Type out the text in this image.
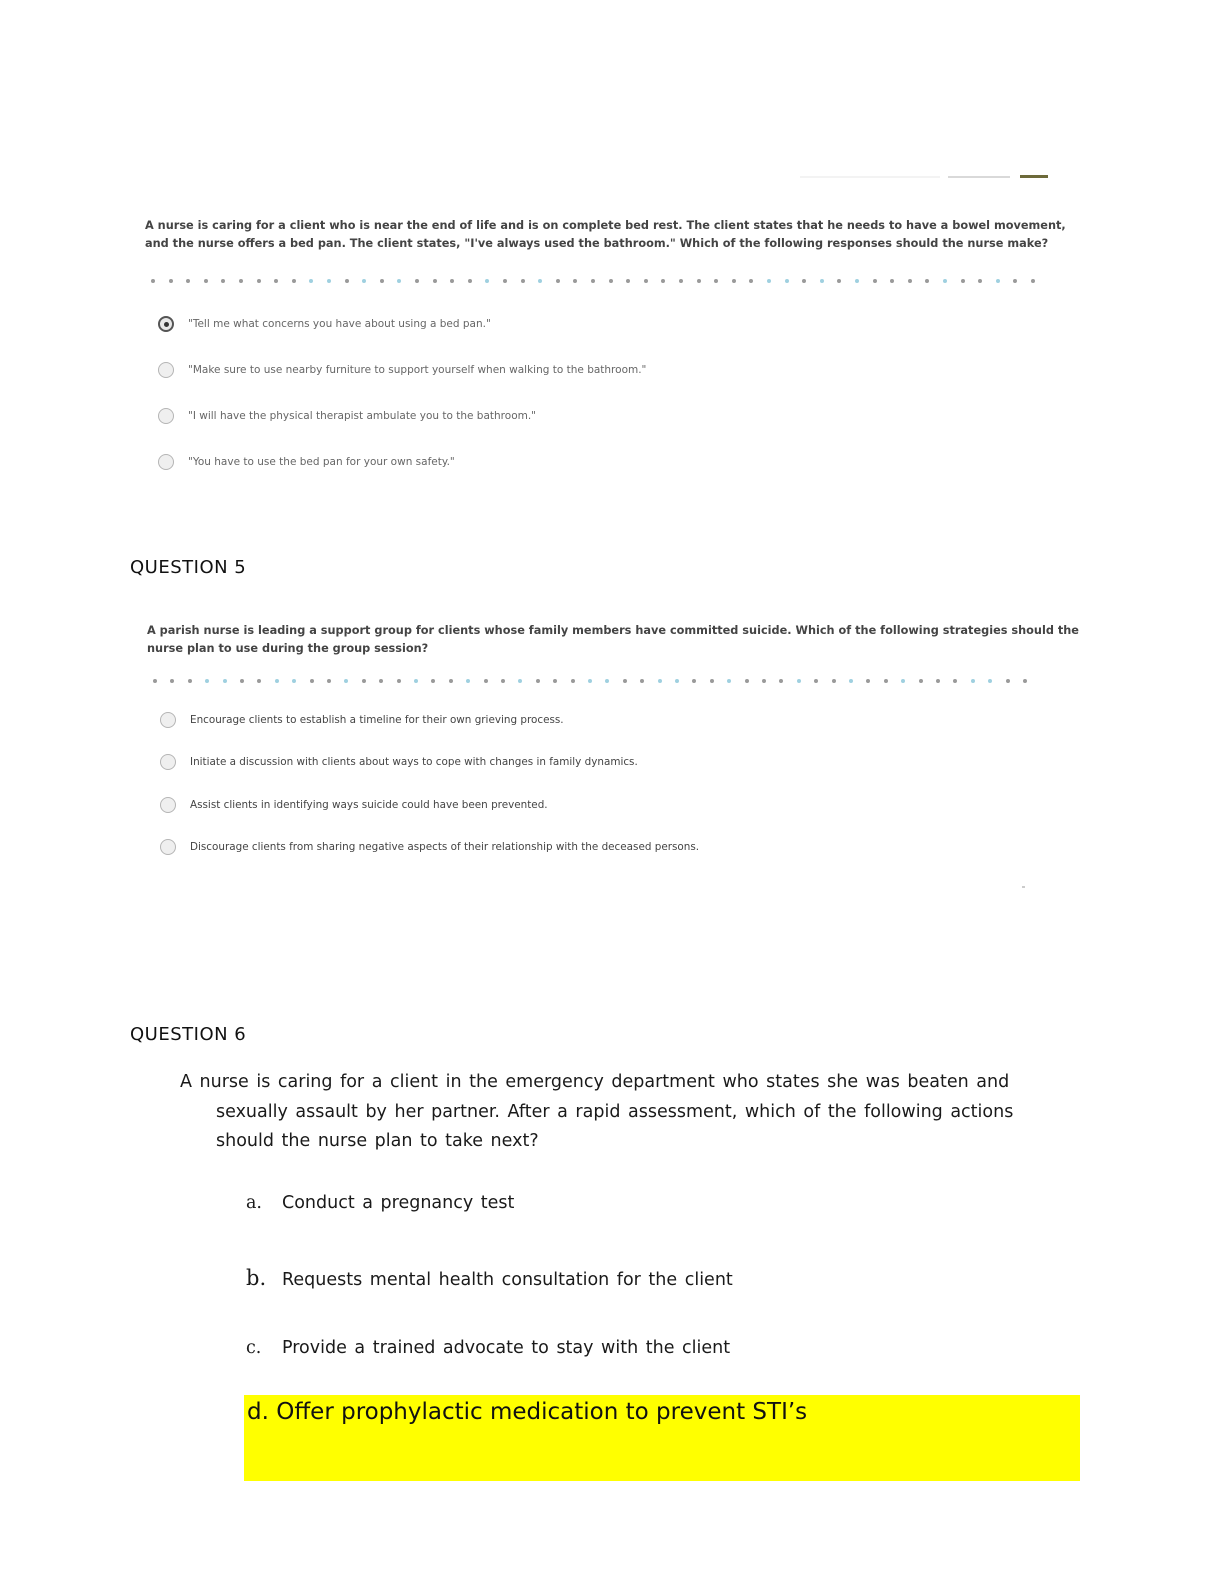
A nurse is caring for a client who is near the end of life and is on complete bed rest. The client states that he needs to have a bowel movement,
and the nurse offers a bed pan. The client states, "I've always used the bathroom." Which of the following responses should the nurse make?
"Tell me what concerns you have about using a bed pan."
"Make sure to use nearby furniture to support yourself when walking to the bathroom."
"I will have the physical therapist ambulate you to the bathroom."
"You have to use the bed pan for your own safety."
QUESTION 5
A parish nurse is leading a support group for clients whose family members have committed suicide. Which of the following strategies should the
nurse plan to use during the group session?
Encourage clients to establish a timeline for their own grieving process.
Initiate a discussion with clients about ways to cope with changes in family dynamics.
Assist clients in identifying ways suicide could have been prevented.
Discourage clients from sharing negative aspects of their relationship with the deceased persons.
QUESTION 6
A nurse is caring for a client in the emergency department who states she was beaten and
sexually assault by her partner. After a rapid assessment, which of the following actions
should the nurse plan to take next?
a. Conduct a pregnancy test
b. Requests mental health consultation for the client
c. Provide a trained advocate to stay with the client
d. Offer prophylactic medication to prevent STI’s
